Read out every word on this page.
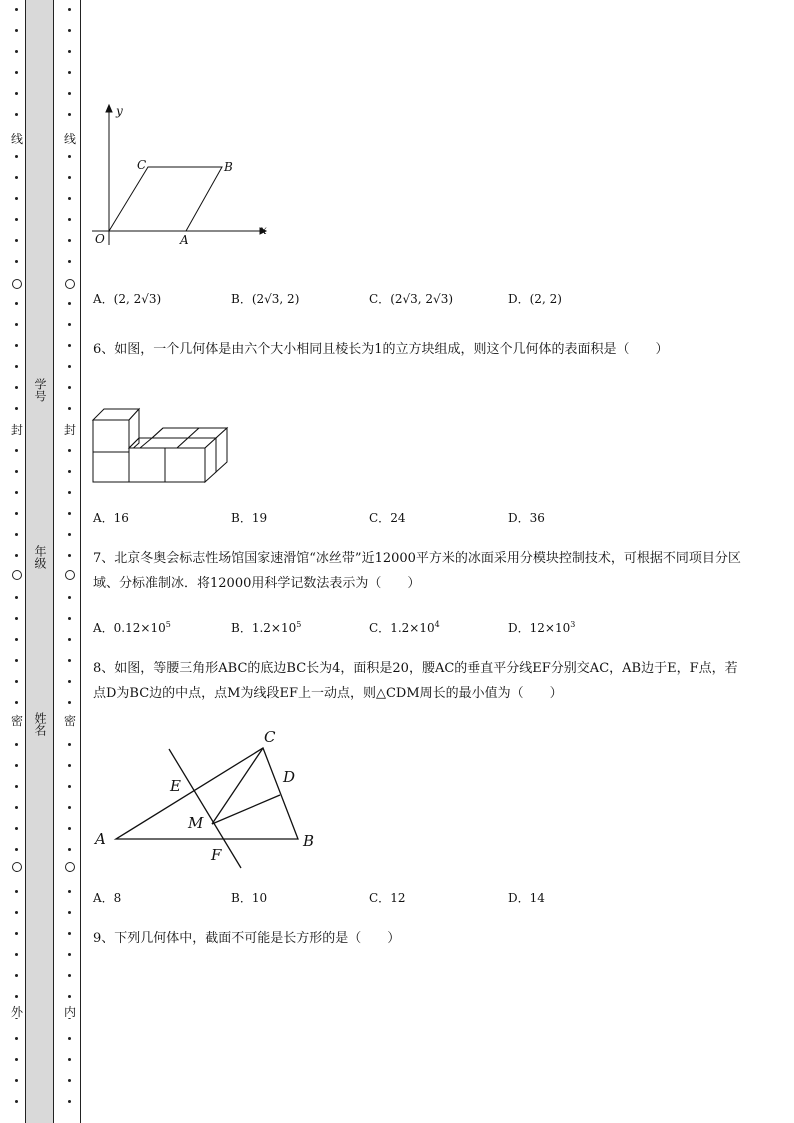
线
封
密
外
线
封
密
内
学号
年级
姓名
y
x
O	A
B
C
A．(2, 2√3)	B．(2√3, 2)	C．(2√3, 2√3)	D．(2, 2)
6、如图，一个几何体是由六个大小相同且棱长为1的立方块组成，则这个几何体的表面积是（　　）
A．16	B．19	C．24	D．36
7、北京冬奥会标志性场馆国家速滑馆“冰丝带”近12000平方米的冰面采用分模块控制技术，可根据不同项目分区域、分标准制冰．将12000用科学记数法表示为（　　）
A．$0.12\times 10^5$	B．$1.2\times 10^5$	C．$1.2\times 10^4$	D．$12\times 10^3$
8、如图，等腰三角形ABC的底边BC长为4，面积是20，腰AC的垂直平分线EF分别交AC，AB边于E，F点，若点D为BC边的中点，点M为线段EF上一动点，则△CDM周长的最小值为（　　）
A	B
C
D
E
F
M
A．8	B．10	C．12	D．14
9、下列几何体中，截面不可能是长方形的是（　　）
